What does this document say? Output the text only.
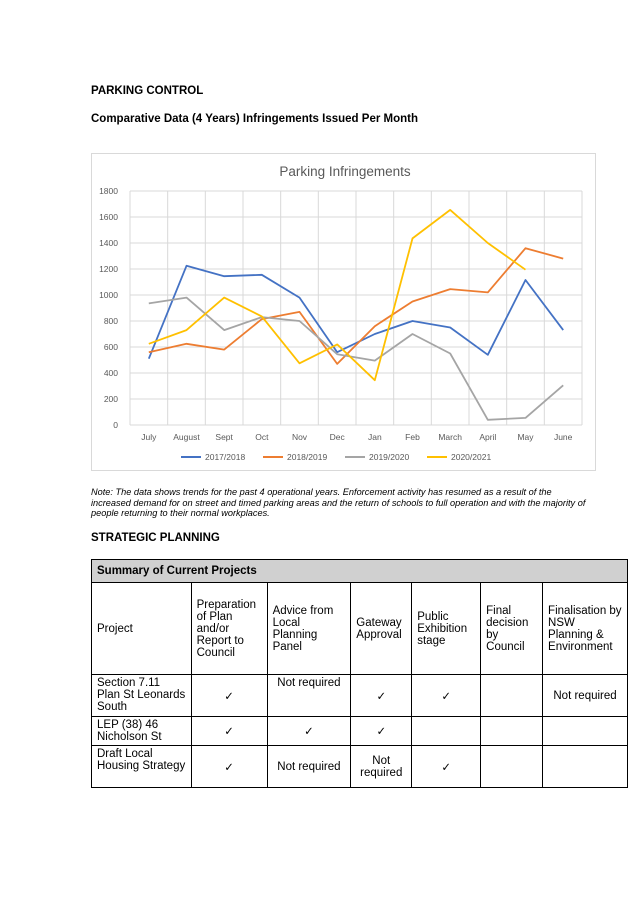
PARKING CONTROL

Comparative Data (4 Years) Infringements Issued Per Month

Parking Infringements
0
200
400
600
800
1000
1200
1400
1600
1800
July August Sept	Oct	Nov	Dec	Jan	Feb March April May June
2017/2018	2018/2019	2019/2020	2020/2021

Note: The data shows trends for the past 4 operational years. Enforcement activity has resumed as a result of the increased demand for on street and timed parking areas and the return of schools to full operation and with the majority of people returning to their normal workplaces.

STRATEGIC PLANNING

Summary of Current Projects						
Project	Preparation of Plan and/or Report to Council	Advice from Local Planning Panel	Gateway Approval	Public Exhibition stage	Final decision by Council	Finalisation by NSW Planning & Environment
Section 7.11 Plan St Leonards South	✓	Not required	✓	✓		Not required
LEP (38) 46 Nicholson St	✓	✓	✓			
Draft Local Housing Strategy	✓	Not required	Not required	✓		
